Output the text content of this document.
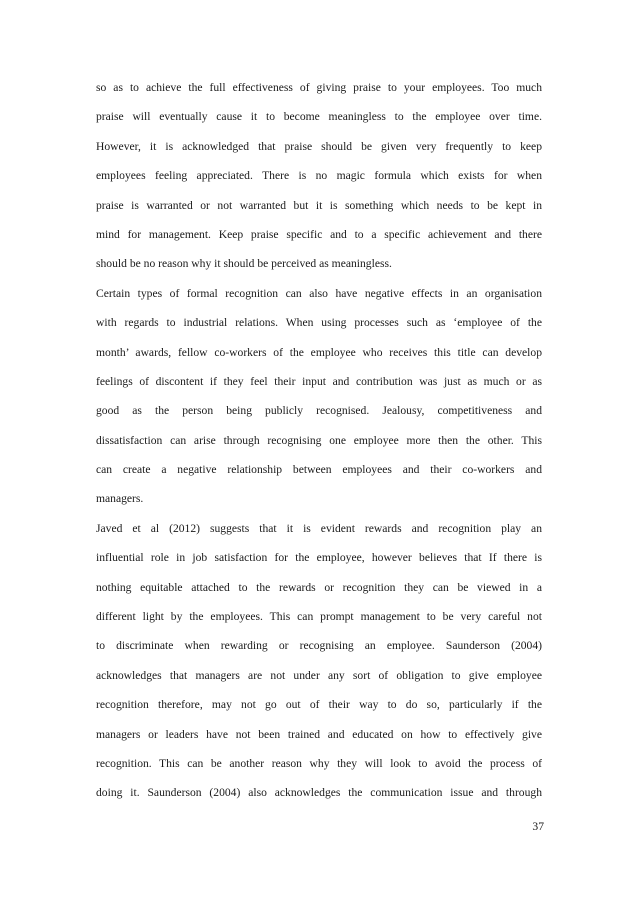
so as to achieve the full effectiveness of giving praise to your employees. Too much
praise will eventually cause it to become meaningless to the employee over time.
However, it is acknowledged that praise should be given very frequently to keep
employees feeling appreciated. There is no magic formula which exists for when
praise is warranted or not warranted but it is something which needs to be kept in
mind for management. Keep praise specific and to a specific achievement and there
should be no reason why it should be perceived as meaningless.
Certain types of formal recognition can also have negative effects in an organisation
with regards to industrial relations. When using processes such as ‘employee of the
month’ awards, fellow co-workers of the employee who receives this title can develop
feelings of discontent if they feel their input and contribution was just as much or as
good as the person being publicly recognised. Jealousy, competitiveness and
dissatisfaction can arise through recognising one employee more then the other. This
can create a negative relationship between employees and their co-workers and
managers.
Javed et al (2012) suggests that it is evident rewards and recognition play an
influential role in job satisfaction for the employee, however believes that If there is
nothing equitable attached to the rewards or recognition they can be viewed in a
different light by the employees. This can prompt management to be very careful not
to discriminate when rewarding or recognising an employee. Saunderson (2004)
acknowledges that managers are not under any sort of obligation to give employee
recognition therefore, may not go out of their way to do so, particularly if the
managers or leaders have not been trained and educated on how to effectively give
recognition. This can be another reason why they will look to avoid the process of
doing it. Saunderson (2004) also acknowledges the communication issue and through
37
